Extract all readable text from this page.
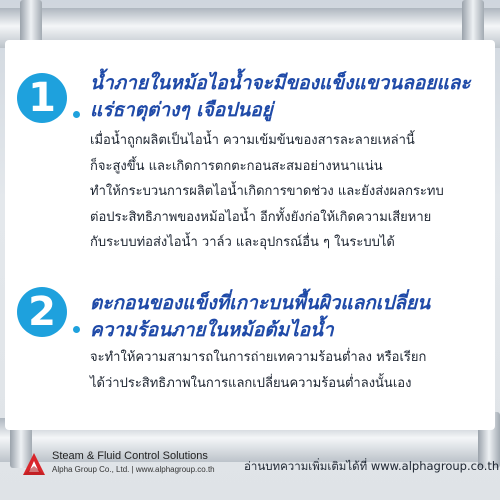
1	น้ำภายในหม้อไอน้ำจะมีของแข็งแขวนลอยและ
แร่ธาตุต่างๆ เจือปนอยู่
เมื่อน้ำถูกผลิตเป็นไอน้ำ ความเข้มข้นของสารละลายเหล่านี้
ก็จะสูงขึ้น และเกิดการตกตะกอนสะสมอย่างหนาแน่น
ทำให้กระบวนการผลิตไอน้ำเกิดการขาดช่วง และยังส่งผลกระทบ
ต่อประสิทธิภาพของหม้อไอน้ำ อีกทั้งยังก่อให้เกิดความเสียหาย
กับระบบท่อส่งไอน้ำ วาล์ว และอุปกรณ์อื่น ๆ ในระบบได้
2	ตะกอนของแข็งที่เกาะบนพื้นผิวแลกเปลี่ยน
ความร้อนภายในหม้อต้มไอน้ำ
จะทำให้ความสามารถในการถ่ายเทความร้อนต่ำลง หรือเรียก
ได้ว่าประสิทธิภาพในการแลกเปลี่ยนความร้อนต่ำลงนั้นเอง
Steam & Fluid Control Solutions
Alpha Group Co., Ltd. | www.alphagroup.co.th	อ่านบทความเพิ่มเติมได้ที่ www.alphagroup.co.th
